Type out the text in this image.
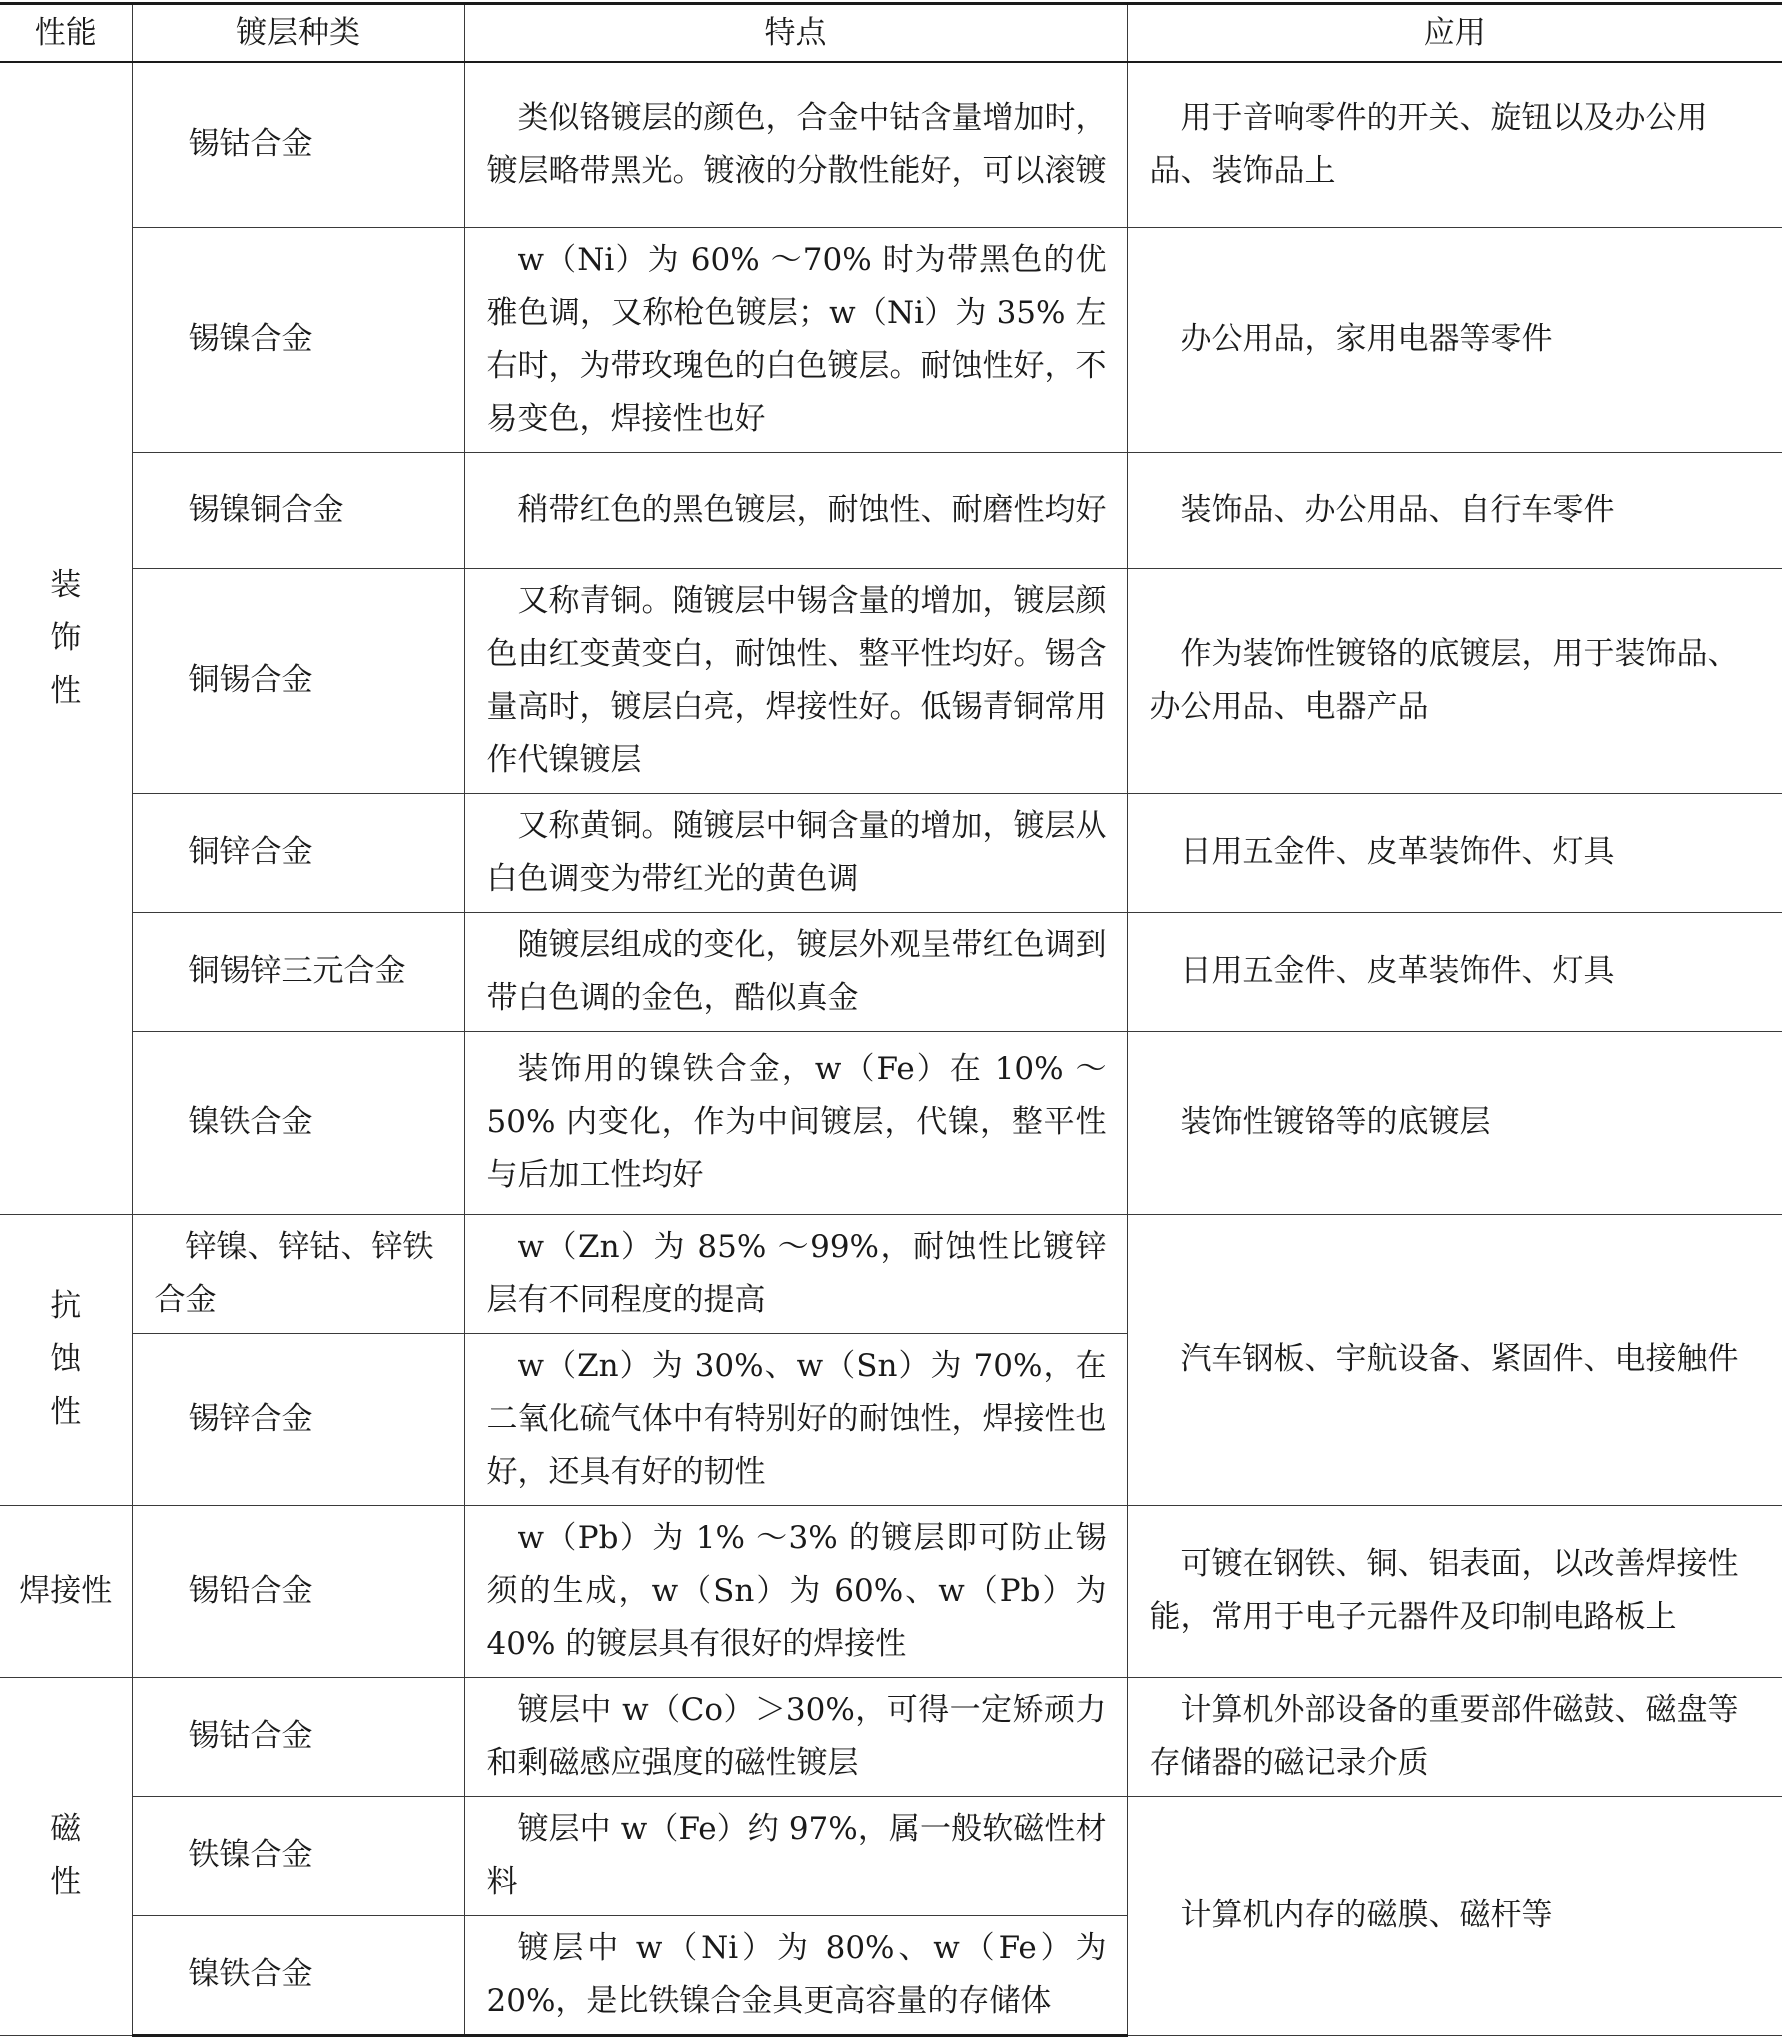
性能	镀层种类	特点	应用
装饰性	锡钴合金	类似铬镀层的颜色，合金中钴含量增加时，镀层略带黑光。镀液的分散性能好，可以滚镀	用于音响零件的开关、旋钮以及办公用品、装饰品上
	锡镍合金	w（Ni）为 60% ～70% 时为带黑色的优雅色调，又称枪色镀层；w（Ni）为 35% 左右时，为带玫瑰色的白色镀层。耐蚀性好，不易变色，焊接性也好	办公用品，家用电器等零件
	锡镍铜合金	稍带红色的黑色镀层，耐蚀性、耐磨性均好	装饰品、办公用品、自行车零件
	铜锡合金	又称青铜。随镀层中锡含量的增加，镀层颜色由红变黄变白，耐蚀性、整平性均好。锡含量高时，镀层白亮，焊接性好。低锡青铜常用作代镍镀层	作为装饰性镀铬的底镀层，用于装饰品、办公用品、电器产品
	铜锌合金	又称黄铜。随镀层中铜含量的增加，镀层从白色调变为带红光的黄色调	日用五金件、皮革装饰件、灯具
	铜锡锌三元合金	随镀层组成的变化，镀层外观呈带红色调到带白色调的金色，酷似真金	日用五金件、皮革装饰件、灯具
	镍铁合金	装饰用的镍铁合金，w（Fe）在 10% ～50% 内变化，作为中间镀层，代镍，整平性与后加工性均好	装饰性镀铬等的底镀层
抗蚀性	锌镍、锌钴、锌铁合金	w（Zn）为 85% ～99%，耐蚀性比镀锌层有不同程度的提高	汽车钢板、宇航设备、紧固件、电接触件
	锡锌合金	w（Zn）为 30%、w（Sn）为 70%，在二氧化硫气体中有特别好的耐蚀性，焊接性也好，还具有好的韧性	
焊接性	锡铅合金	w（Pb）为 1% ～3% 的镀层即可防止锡须的生成，w（Sn）为 60%、w（Pb）为 40% 的镀层具有很好的焊接性	可镀在钢铁、铜、铝表面，以改善焊接性能，常用于电子元器件及印制电路板上
磁性	锡钴合金	镀层中 w（Co）＞30%，可得一定矫顽力和剩磁感应强度的磁性镀层	计算机外部设备的重要部件磁鼓、磁盘等存储器的磁记录介质
	铁镍合金	镀层中 w（Fe）约 97%，属一般软磁性材料	计算机内存的磁膜、磁杆等
	镍铁合金	镀层中 w（Ni）为 80%、w（Fe）为 20%，是比铁镍合金具更高容量的存储体	
